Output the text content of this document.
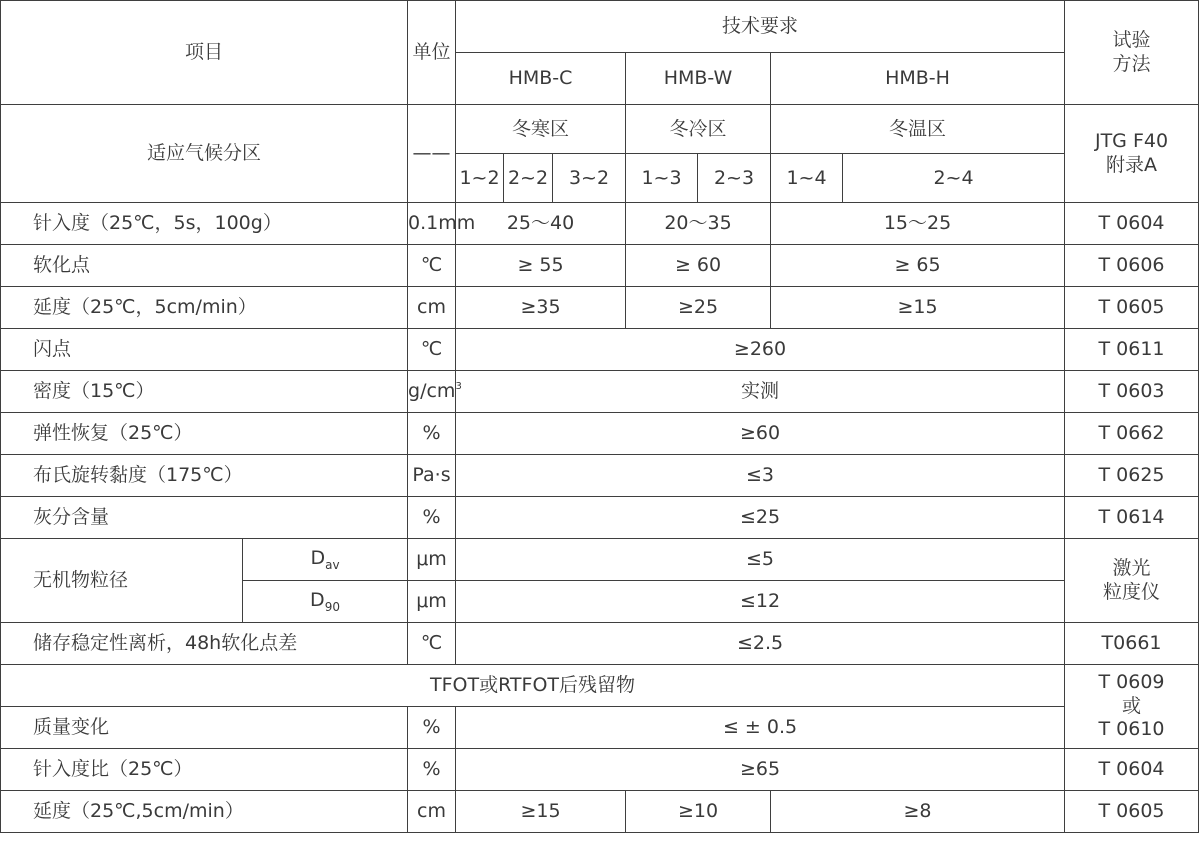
项目		单位	技术要求							试验
方法
			HMB-C			HMB-W		HMB-H		
适应气候分区		——	冬寒区			冬冷区		冬温区		JTG F40
附录A
			1~2	2~2	3~2	1~3	2~3	1~4	2~4	
针入度（25℃，5s，100g）		0.1mm	25～40			20～35		15～25		T 0604
软化点		℃	≥ 55			≥ 60		≥ 65		T 0606
延度（25℃，5cm/min）		cm	≥35			≥25		≥15		T 0605
闪点		℃	≥260							T 0611
密度（15℃）		$g/cm^3$	实测							T 0603
弹性恢复（25℃）		%	≥60							T 0662
布氏旋转黏度（175℃）		Pa·s	≤3							T 0625
灰分含量		%	≤25							T 0614
无机物粒径	$D_{av}$	μm	≤5							激光
粒度仪
	$D_{90}$	μm	≤12							
储存稳定性离析，48h软化点差		℃	≤2.5							T0661
TFOT或RTFOT后残留物										T 0609
或
T 0610
质量变化		%	≤ ± 0.5							
针入度比（25℃）		%	≥65							T 0604
延度（25℃,5cm/min）		cm	≥15			≥10		≥8		T 0605
